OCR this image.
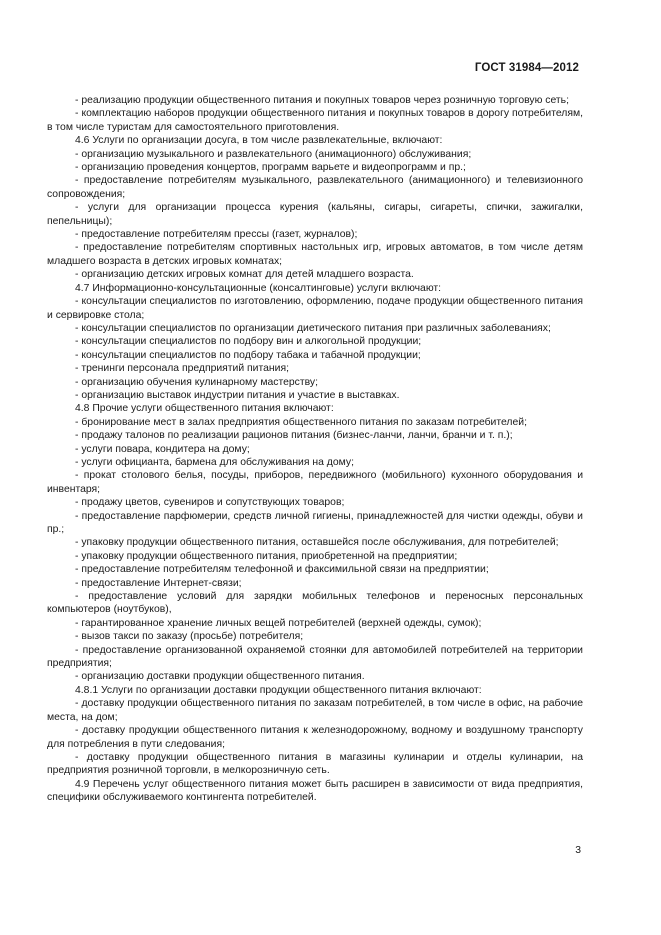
ГОСТ 31984—2012

- реализацию продукции общественного питания и покупных товаров через розничную торговую сеть;

- комплектацию наборов продукции общественного питания и покупных товаров в дорогу потребителям, в том числе туристам для самостоятельного приготовления.

4.6 Услуги по организации досуга, в том числе развлекательные, включают:

- организацию музыкального и развлекательного (анимационного) обслуживания;

- организацию проведения концертов, программ варьете и видеопрограмм и пр.;

- предоставление потребителям музыкального, развлекательного (анимационного) и телевизионного сопровождения;

- услуги для организации процесса курения (кальяны, сигары, сигареты, спички, зажигалки, пепельницы);

- предоставление потребителям прессы (газет, журналов);

- предоставление потребителям спортивных настольных игр, игровых автоматов, в том числе детям младшего возраста в детских игровых комнатах;

- организацию детских игровых комнат для детей младшего возраста.

4.7 Информационно-консультационные (консалтинговые) услуги включают:

- консультации специалистов по изготовлению, оформлению, подаче продукции общественного питания и сервировке стола;

- консультации специалистов по организации диетического питания при различных заболеваниях;

- консультации специалистов по подбору вин и алкогольной продукции;

- консультации специалистов по подбору табака и табачной продукции;

- тренинги персонала предприятий питания;

- организацию обучения кулинарному мастерству;

- организацию выставок индустрии питания и участие в выставках.

4.8 Прочие услуги общественного питания включают:

- бронирование мест в залах предприятия общественного питания по заказам потребителей;

- продажу талонов по реализации рационов питания (бизнес-ланчи, ланчи, бранчи и т. п.);

- услуги повара, кондитера на дому;

- услуги официанта, бармена для обслуживания на дому;

- прокат столового белья, посуды, приборов, передвижного (мобильного) кухонного оборудования и инвентаря;

- продажу цветов, сувениров и сопутствующих товаров;

- предоставление парфюмерии, средств личной гигиены, принадлежностей для чистки одежды, обуви и пр.;

- упаковку продукции общественного питания, оставшейся после обслуживания, для потребителей;

- упаковку продукции общественного питания, приобретенной на предприятии;

- предоставление потребителям телефонной и факсимильной связи на предприятии;

- предоставление Интернет-связи;

- предоставление условий для зарядки мобильных телефонов и переносных персональных компьютеров (ноутбуков),

- гарантированное хранение личных вещей потребителей (верхней одежды, сумок);

- вызов такси по заказу (просьбе) потребителя;

- предоставление организованной охраняемой стоянки для автомобилей потребителей на территории предприятия;

- организацию доставки продукции общественного питания.

4.8.1 Услуги по организации доставки продукции общественного питания включают:

- доставку продукции общественного питания по заказам потребителей, в том числе в офис, на рабочие места, на дом;

- доставку продукции общественного питания к железнодорожному, водному и воздушному транспорту для потребления в пути следования;

- доставку продукции общественного питания в магазины кулинарии и отделы кулинарии, на предприятия розничной торговли, в мелкорозничную сеть.

4.9 Перечень услуг общественного питания может быть расширен в зависимости от вида предприятия, специфики обслуживаемого контингента потребителей.

3
